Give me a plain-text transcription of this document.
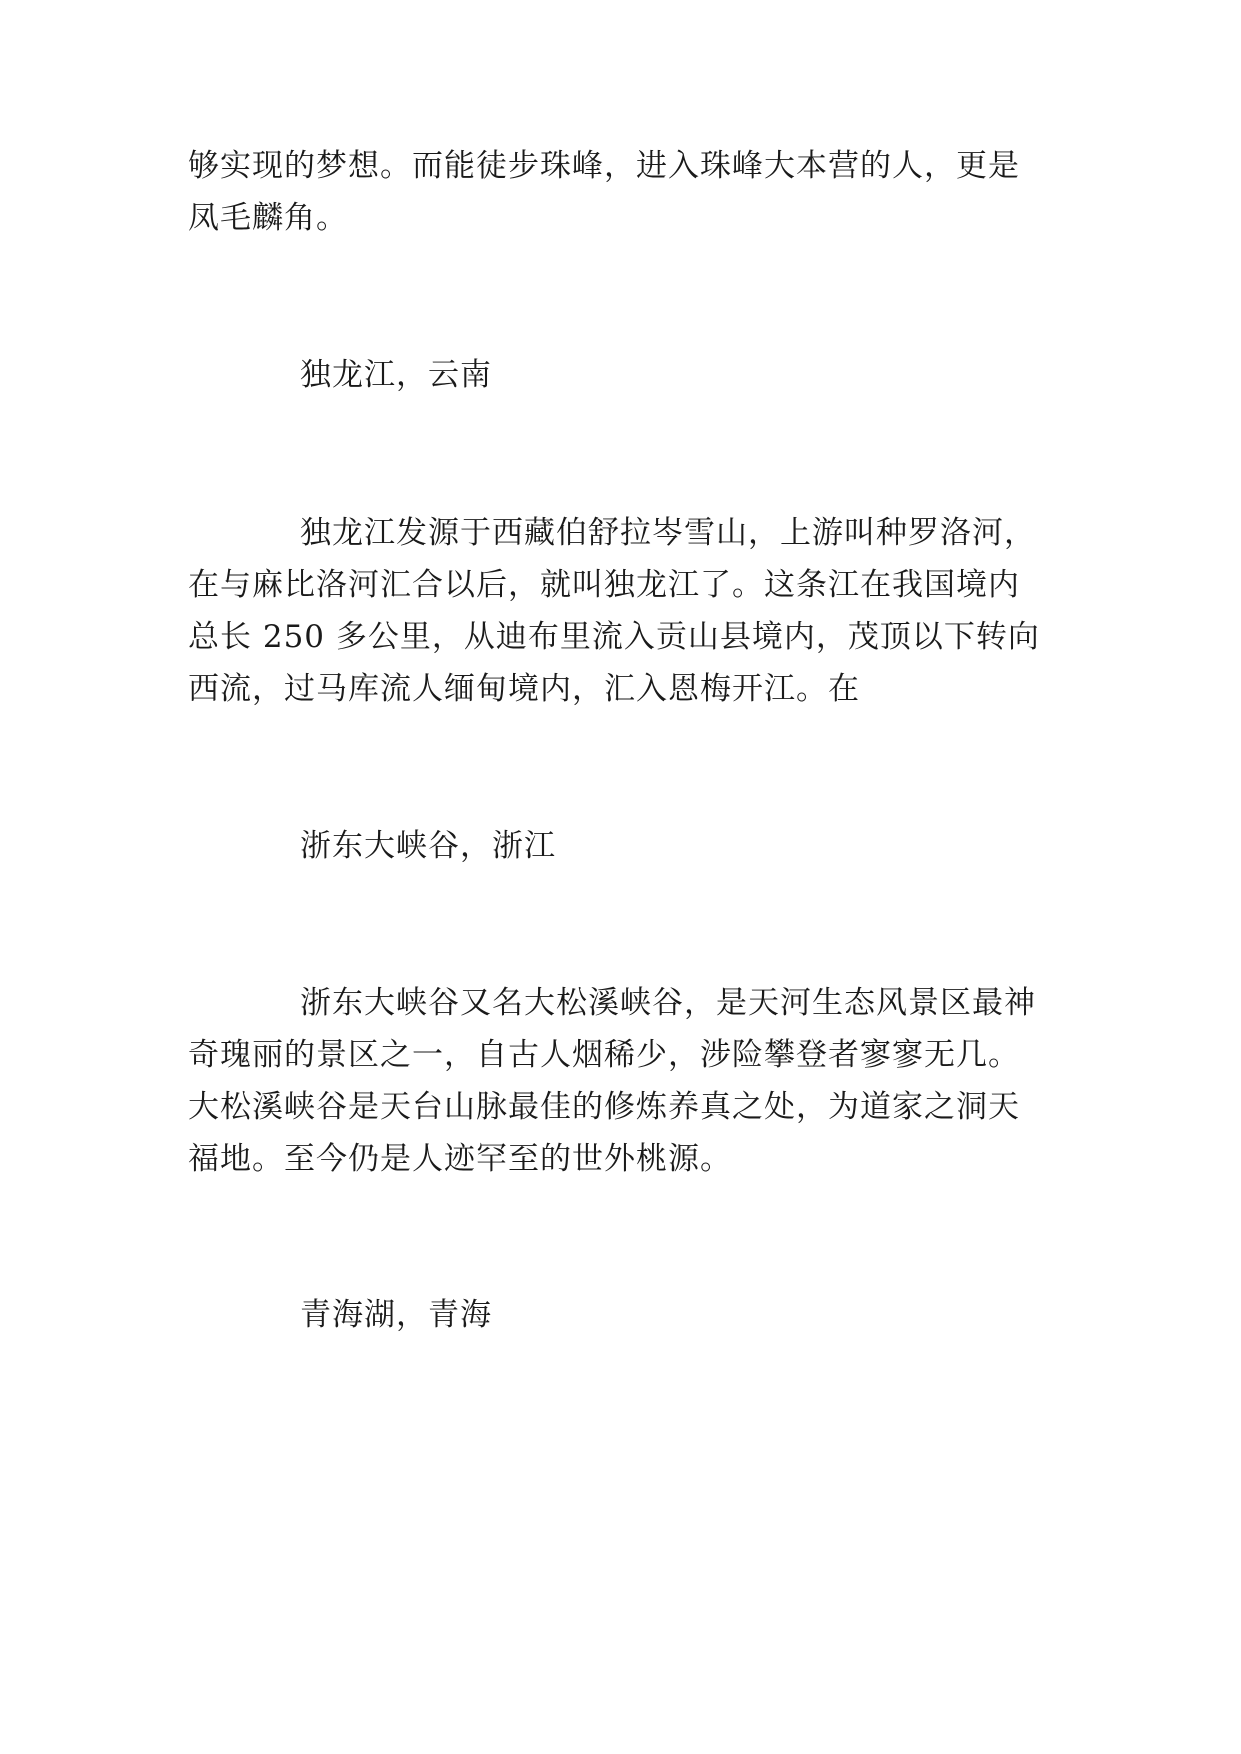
够实现的梦想。而能徒步珠峰，进入珠峰大本营的人，更是
凤毛麟角。
独龙江，云南
独龙江发源于西藏伯舒拉岑雪山，上游叫种罗洛河，
在与麻比洛河汇合以后，就叫独龙江了。这条江在我国境内
总长 250 多公里，从迪布里流入贡山县境内，茂顶以下转向
西流，过马库流人缅甸境内，汇入恩梅开江。在
浙东大峡谷，浙江
浙东大峡谷又名大松溪峡谷，是天河生态风景区最神
奇瑰丽的景区之一，自古人烟稀少，涉险攀登者寥寥无几。
大松溪峡谷是天台山脉最佳的修炼养真之处，为道家之洞天
福地。至今仍是人迹罕至的世外桃源。
青海湖，青海
